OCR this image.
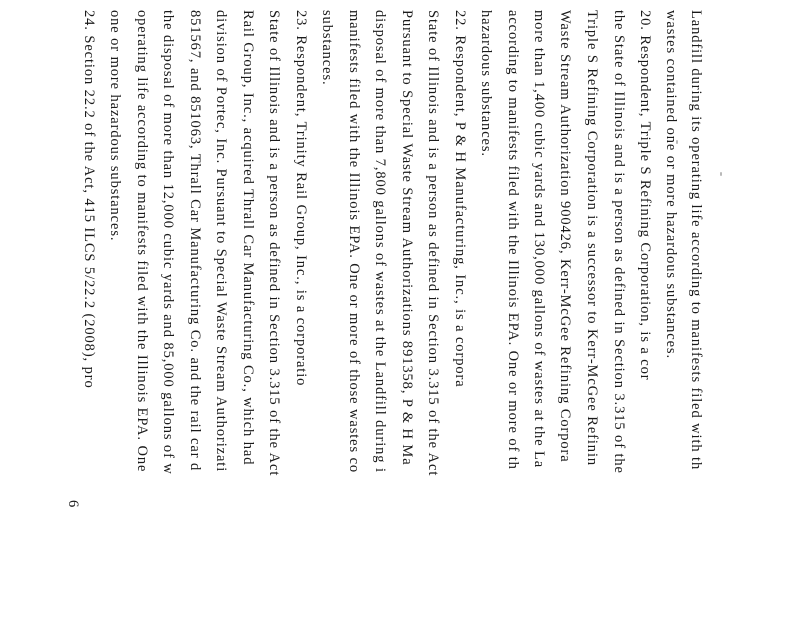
Landfill during its operating life according to manifests filed with th
wastes contained one or more hazardous substances.
20. Respondent, Triple S Refining Corporation, is a cor
the State of Illinois and is a person as defined in Section 3.315 of the
Triple S Refining Corporation is a successor to Kerr-McGee Refinin
Waste Stream Authorization 900426, Kerr-McGee Refining Corpora
more than 1,400 cubic yards and 130,000 gallons of wastes at the La
according to manifests filed with the Illinois EPA. One or more of th
hazardous substances.
22. Respondent, P & H Manufacturing, Inc., is a corpora
State of Illinois and is a person as defined in Section 3.315 of the Act
Pursuant to Special Waste Stream Authorizations 891358, P & H Ma
disposal of more than 7,800 gallons of wastes at the Landfill during i
manifests filed with the Illinois EPA. One or more of those wastes co
substances.
23. Respondent, Trinity Rail Group, Inc., is a corporatio
State of Illinois and is a person as defined in Section 3.315 of the Act
Rail Group, Inc., acquired Thrall Car Manufacturing Co., which had
division of Portec, Inc. Pursuant to Special Waste Stream Authorizati
851567, and 851063, Thrall Car Manufacturing Co. and the rail car d
the disposal of more than 12,000 cubic yards and 85,000 gallons of w
operating life according to manifests filed with the Illinois EPA. One
one or more hazardous substances.
24. Section 22.2 of the Act, 415 ILCS 5/22.2 (2008), pro
6
